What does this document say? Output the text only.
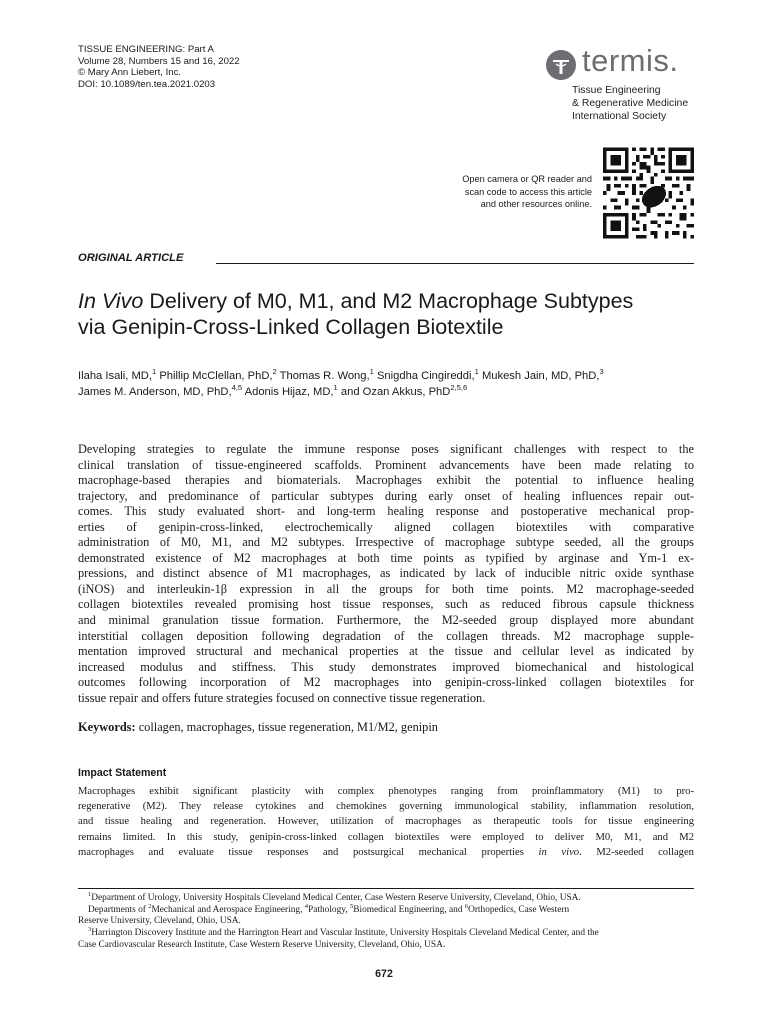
TISSUE ENGINEERING: Part A
Volume 28, Numbers 15 and 16, 2022
© Mary Ann Liebert, Inc.
DOI: 10.1089/ten.tea.2021.0203
termis.
Tissue Engineering
& Regenerative Medicine
International Society
Open camera or QR reader and
scan code to access this article
and other resources online.
ORIGINAL ARTICLE
In Vivo Delivery of M0, M1, and M2 Macrophage Subtypes
via Genipin-Cross-Linked Collagen Biotextile
Ilaha Isali, MD,$^1$ Phillip McClellan, PhD,$^2$ Thomas R. Wong,$^1$ Snigdha Cingireddi,$^1$ Mukesh Jain, MD, PhD,$^3$
James M. Anderson, MD, PhD,$^{4,5}$ Adonis Hijaz, MD,$^1$ and Ozan Akkus, PhD$^{2,5,6}$
Developing strategies to regulate the immune response poses significant challenges with respect to the
clinical translation of tissue-engineered scaffolds. Prominent advancements have been made relating to
macrophage-based therapies and biomaterials. Macrophages exhibit the potential to influence healing
trajectory, and predominance of particular subtypes during early onset of healing influences repair out-
comes. This study evaluated short- and long-term healing response and postoperative mechanical prop-
erties of genipin-cross-linked, electrochemically aligned collagen biotextiles with comparative
administration of M0, M1, and M2 subtypes. Irrespective of macrophage subtype seeded, all the groups
demonstrated existence of M2 macrophages at both time points as typified by arginase and Ym-1 ex-
pressions, and distinct absence of M1 macrophages, as indicated by lack of inducible nitric oxide synthase
(iNOS) and interleukin-1β expression in all the groups for both time points. M2 macrophage-seeded
collagen biotextiles revealed promising host tissue responses, such as reduced fibrous capsule thickness
and minimal granulation tissue formation. Furthermore, the M2-seeded group displayed more abundant
interstitial collagen deposition following degradation of the collagen threads. M2 macrophage supple-
mentation improved structural and mechanical properties at the tissue and cellular level as indicated by
increased modulus and stiffness. This study demonstrates improved biomechanical and histological
outcomes following incorporation of M2 macrophages into genipin-cross-linked collagen biotextiles for
tissue repair and offers future strategies focused on connective tissue regeneration.
Keywords: collagen, macrophages, tissue regeneration, M1/M2, genipin
Impact Statement
Macrophages exhibit significant plasticity with complex phenotypes ranging from proinflammatory (M1) to pro-
regenerative (M2). They release cytokines and chemokines governing immunological stability, inflammation resolution,
and tissue healing and regeneration. However, utilization of macrophages as therapeutic tools for tissue engineering
remains limited. In this study, genipin-cross-linked collagen biotextiles were employed to deliver M0, M1, and M2
macrophages and evaluate tissue responses and postsurgical mechanical properties in vivo. M2-seeded collagen
$^1$Department of Urology, University Hospitals Cleveland Medical Center, Case Western Reserve University, Cleveland, Ohio, USA.
Departments of $^2$Mechanical and Aerospace Engineering, $^4$Pathology, $^5$Biomedical Engineering, and $^6$Orthopedics, Case Western
Reserve University, Cleveland, Ohio, USA.
$^3$Harrington Discovery Institute and the Harrington Heart and Vascular Institute, University Hospitals Cleveland Medical Center, and the
Case Cardiovascular Research Institute, Case Western Reserve University, Cleveland, Ohio, USA.
672
